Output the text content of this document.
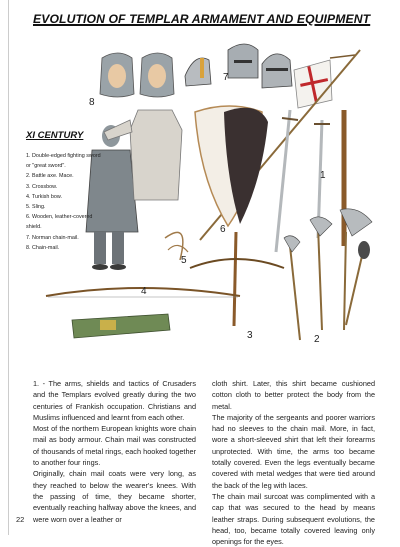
EVOLUTION OF TEMPLAR ARMAMENT AND EQUIPMENT
8
7
6
5
4
3	2
1
XI CENTURY
1. Double-edged fighting sword or "great sword".
2. Battle axe. Mace.
3. Crossbow.
4. Turkish bow.
5. Sling.
6. Wooden, leather-covered shield.
7. Norman chain-mail.
8. Chain-mail.

1. - The arms, shields and tactics of Crusaders and the Templars evolved greatly during the two centuries of Frankish occupation. Christians and Muslims influenced and learnt from each other.

Most of the northern European knights wore chain mail as body armour. Chain mail was constructed of thousands of metal rings, each hooked together to another four rings.

Originally, chain mail coats were very long, as they reached to below the wearer's knees. With the passing of time, they became shorter, eventually reaching halfway above the knees, and were worn over a leather or

cloth shirt. Later, this shirt became cushioned cotton cloth to better protect the body from the metal.

The majority of the sergeants and poorer warriors had no sleeves to the chain mail. More, in fact, wore a short-sleeved shirt that left their forearms unprotected. With time, the arms too became totally covered. Even the legs eventually became covered with metal wedges that were tied around the back of the leg with laces.

The chain mail surcoat was complimented with a cap that was secured to the head by means leather straps. During subsequent evolutions, the head, too, became totally covered leaving only openings for the eyes.

22
